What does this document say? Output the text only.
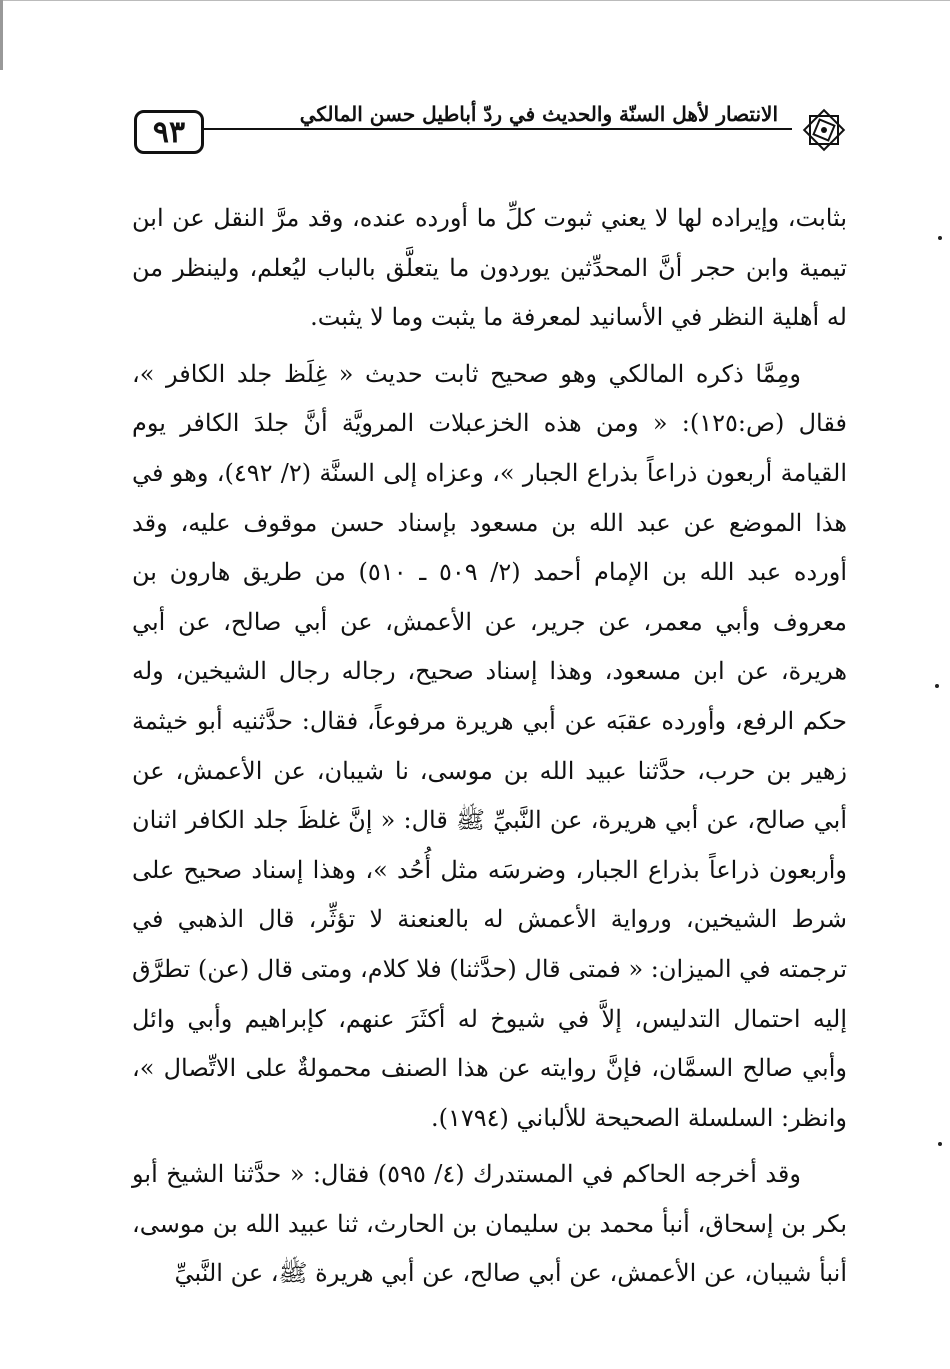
٩٣
الانتصار لأهل السنّة والحديث في ردّ أباطيل حسن المالكي

بثابت، وإيراده لها لا يعني ثبوت كلِّ ما أورده عنده، وقد مرَّ النقل عن ابن تيمية وابن حجر أنَّ المحدِّثين يوردون ما يتعلَّق بالباب ليُعلم، ولينظر من له أهلية النظر في الأسانيد لمعرفة ما يثبت وما لا يثبت.

ومِمَّا ذكره المالكي وهو صحيح ثابت حديث « غِلَظ جلد الكافر »، فقال (ص:١٢٥): « ومن هذه الخزعبلات المرويَّة أنَّ جلدَ الكافر يوم القيامة أربعون ذراعاً بذراع الجبار »، وعزاه إلى السنَّة (٢/ ٤٩٢)، وهو في هذا الموضع عن عبد الله بن مسعود بإسناد حسن موقوف عليه، وقد أورده عبد الله بن الإمام أحمد (٢/ ٥٠٩ ـ ٥١٠) من طريق هارون بن معروف وأبي معمر، عن جرير، عن الأعمش، عن أبي صالح، عن أبي هريرة، عن ابن مسعود، وهذا إسناد صحيح، رجاله رجال الشيخين، وله حكم الرفع، وأورده عقبَه عن أبي هريرة مرفوعاً، فقال: حدَّثنيه أبو خيثمة زهير بن حرب، حدَّثنا عبيد الله بن موسى، نا شيبان، عن الأعمش، عن أبي صالح، عن أبي هريرة، عن النَّبيِّ ﷺ قال: « إنَّ غلظَ جلد الكافر اثنان وأربعون ذراعاً بذراع الجبار، وضرسَه مثل أُحُد »، وهذا إسناد صحيح على شرط الشيخين، ورواية الأعمش له بالعنعنة لا تؤثِّر، قال الذهبي في ترجمته في الميزان: « فمتى قال (حدَّثنا) فلا كلام، ومتى قال (عن) تطرَّق إليه احتمال التدليس، إلاَّ في شيوخ له أكثَرَ عنهم، كإبراهيم وأبي وائل وأبي صالح السمَّان، فإنَّ روايته عن هذا الصنف محمولةٌ على الاتِّصال »، وانظر: السلسلة الصحيحة للألباني (١٧٩٤).

وقد أخرجه الحاكم في المستدرك (٤/ ٥٩٥) فقال: « حدَّثنا الشيخ أبو بكر بن إسحاق، أنبأ محمد بن سليمان بن الحارث، ثنا عبيد الله بن موسى، أنبأ شيبان، عن الأعمش، عن أبي صالح، عن أبي هريرة ﷺ، عن النَّبيِّ
